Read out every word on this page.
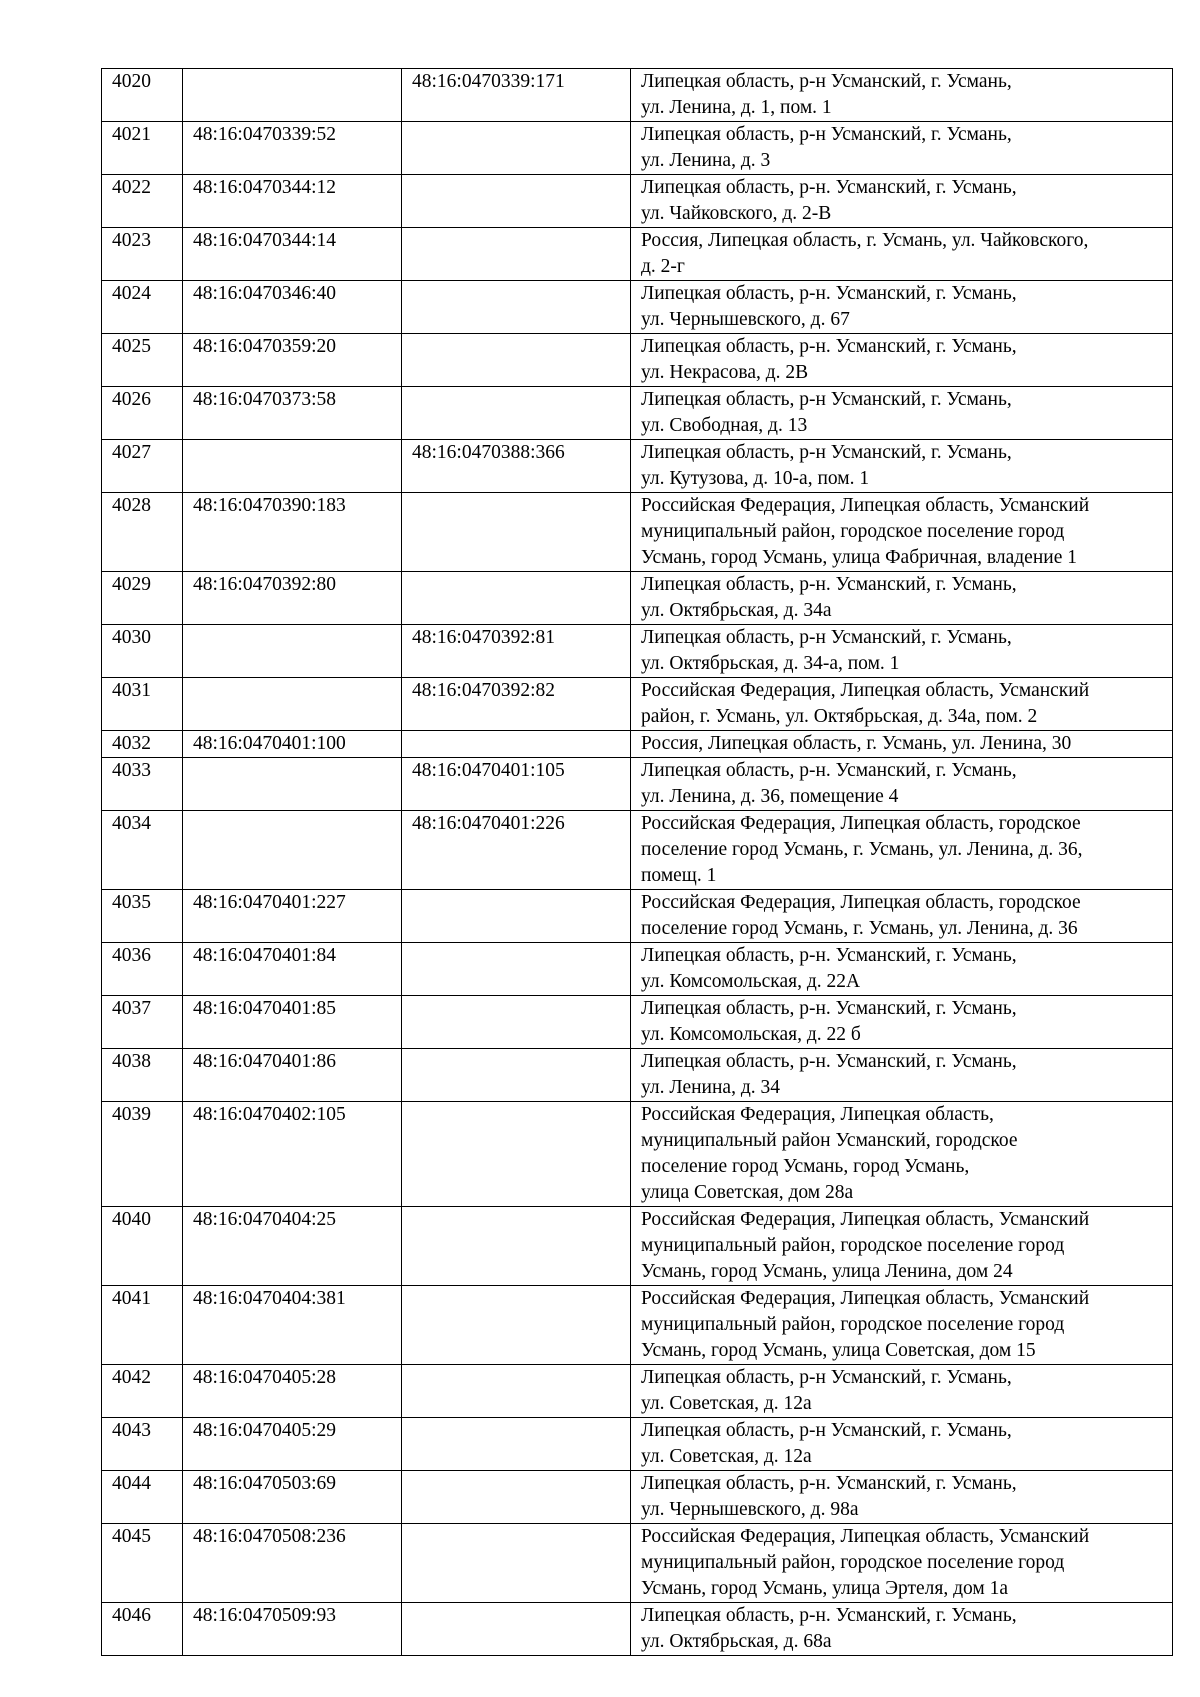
4020		48:16:0470339:171	Липецкая область, р-н Усманский, г. Усмань,
ул. Ленина, д. 1, пом. 1

4021	48:16:0470339:52		Липецкая область, р-н Усманский, г. Усмань,
ул. Ленина, д. 3

4022	48:16:0470344:12		Липецкая область, р-н. Усманский, г. Усмань,
ул. Чайковского, д. 2-В

4023	48:16:0470344:14		Россия, Липецкая область, г. Усмань, ул. Чайковского,
д. 2-г

4024	48:16:0470346:40		Липецкая область, р-н. Усманский, г. Усмань,
ул. Чернышевского, д. 67

4025	48:16:0470359:20		Липецкая область, р-н. Усманский, г. Усмань,
ул. Некрасова, д. 2В

4026	48:16:0470373:58		Липецкая область, р-н Усманский, г. Усмань,
ул. Свободная, д. 13

4027		48:16:0470388:366	Липецкая область, р-н Усманский, г. Усмань,
ул. Кутузова, д. 10-а, пом. 1

4028	48:16:0470390:183		Российская Федерация, Липецкая область, Усманский
муниципальный район, городское поселение город
Усмань, город Усмань, улица Фабричная, владение 1

4029	48:16:0470392:80		Липецкая область, р-н. Усманский, г. Усмань,
ул. Октябрьская, д. 34а

4030		48:16:0470392:81	Липецкая область, р-н Усманский, г. Усмань,
ул. Октябрьская, д. 34-а, пом. 1

4031		48:16:0470392:82	Российская Федерация, Липецкая область, Усманский
район, г. Усмань, ул. Октябрьская, д. 34а, пом. 2

4032	48:16:0470401:100		Россия, Липецкая область, г. Усмань, ул. Ленина, 30

4033		48:16:0470401:105	Липецкая область, р-н. Усманский, г. Усмань,
ул. Ленина, д. 36, помещение 4

4034		48:16:0470401:226	Российская Федерация, Липецкая область, городское
поселение город Усмань, г. Усмань, ул. Ленина, д. 36,
помещ. 1

4035	48:16:0470401:227		Российская Федерация, Липецкая область, городское
поселение город Усмань, г. Усмань, ул. Ленина, д. 36

4036	48:16:0470401:84		Липецкая область, р-н. Усманский, г. Усмань,
ул. Комсомольская, д. 22А

4037	48:16:0470401:85		Липецкая область, р-н. Усманский, г. Усмань,
ул. Комсомольская, д. 22 б

4038	48:16:0470401:86		Липецкая область, р-н. Усманский, г. Усмань,
ул. Ленина, д. 34

4039	48:16:0470402:105		Российская Федерация, Липецкая область,
муниципальный район Усманский, городское
поселение город Усмань, город Усмань,
улица Советская, дом 28а

4040	48:16:0470404:25		Российская Федерация, Липецкая область, Усманский
муниципальный район, городское поселение город
Усмань, город Усмань, улица Ленина, дом 24

4041	48:16:0470404:381		Российская Федерация, Липецкая область, Усманский
муниципальный район, городское поселение город
Усмань, город Усмань, улица Советская, дом 15

4042	48:16:0470405:28		Липецкая область, р-н Усманский, г. Усмань,
ул. Советская, д. 12а

4043	48:16:0470405:29		Липецкая область, р-н Усманский, г. Усмань,
ул. Советская, д. 12а

4044	48:16:0470503:69		Липецкая область, р-н. Усманский, г. Усмань,
ул. Чернышевского, д. 98а

4045	48:16:0470508:236		Российская Федерация, Липецкая область, Усманский
муниципальный район, городское поселение город
Усмань, город Усмань, улица Эртеля, дом 1а

4046	48:16:0470509:93		Липецкая область, р-н. Усманский, г. Усмань,
ул. Октябрьская, д. 68а
